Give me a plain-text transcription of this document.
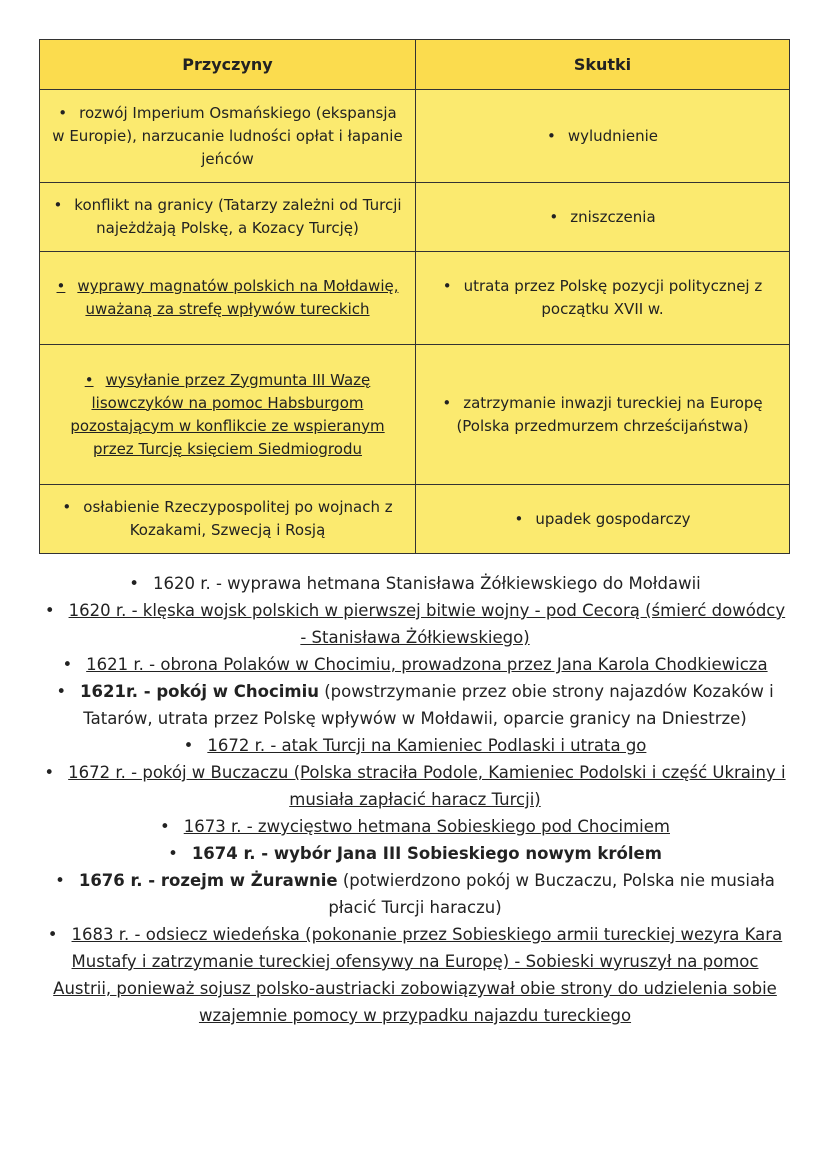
Przyczyny	Skutki
• rozwój Imperium Osmańskiego (ekspansja w Europie), narzucanie ludności opłat i łapanie jeńców	• wyludnienie
• konflikt na granicy (Tatarzy zależni od Turcji najeżdżają Polskę, a Kozacy Turcję)	• zniszczenia
• wyprawy magnatów polskich na Mołdawię, uważaną za strefę wpływów tureckich	• utrata przez Polskę pozycji politycznej z początku XVII w.
• wysyłanie przez Zygmunta III Wazę lisowczyków na pomoc Habsburgom pozostającym w konflikcie ze wspieranym przez Turcję księciem Siedmiogrodu	• zatrzymanie inwazji tureckiej na Europę (Polska przedmurzem chrześcijaństwa)
• osłabienie Rzeczypospolitej po wojnach z Kozakami, Szwecją i Rosją	• upadek gospodarczy

• 1620 r. - wyprawa hetmana Stanisława Żółkiewskiego do Mołdawii

• 1620 r. - klęska wojsk polskich w pierwszej bitwie wojny - pod Cecorą (śmierć dowódcy - Stanisława Żółkiewskiego)

• 1621 r. - obrona Polaków w Chocimiu, prowadzona przez Jana Karola Chodkiewicza

• 1621r. - pokój w Chocimiu (powstrzymanie przez obie strony najazdów Kozaków i Tatarów, utrata przez Polskę wpływów w Mołdawii, oparcie granicy na Dniestrze)

• 1672 r. - atak Turcji na Kamieniec Podlaski i utrata go

• 1672 r. - pokój w Buczaczu (Polska straciła Podole, Kamieniec Podolski i część Ukrainy i musiała zapłacić haracz Turcji)

• 1673 r. - zwycięstwo hetmana Sobieskiego pod Chocimiem

• 1674 r. - wybór Jana III Sobieskiego nowym królem

• 1676 r. - rozejm w Żurawnie (potwierdzono pokój w Buczaczu, Polska nie musiała płacić Turcji haraczu)

• 1683 r. - odsiecz wiedeńska (pokonanie przez Sobieskiego armii tureckiej wezyra Kara Mustafy i zatrzymanie tureckiej ofensywy na Europę) - Sobieski wyruszył na pomoc Austrii, ponieważ sojusz polsko-austriacki zobowiązywał obie strony do udzielenia sobie wzajemnie pomocy w przypadku najazdu tureckiego
